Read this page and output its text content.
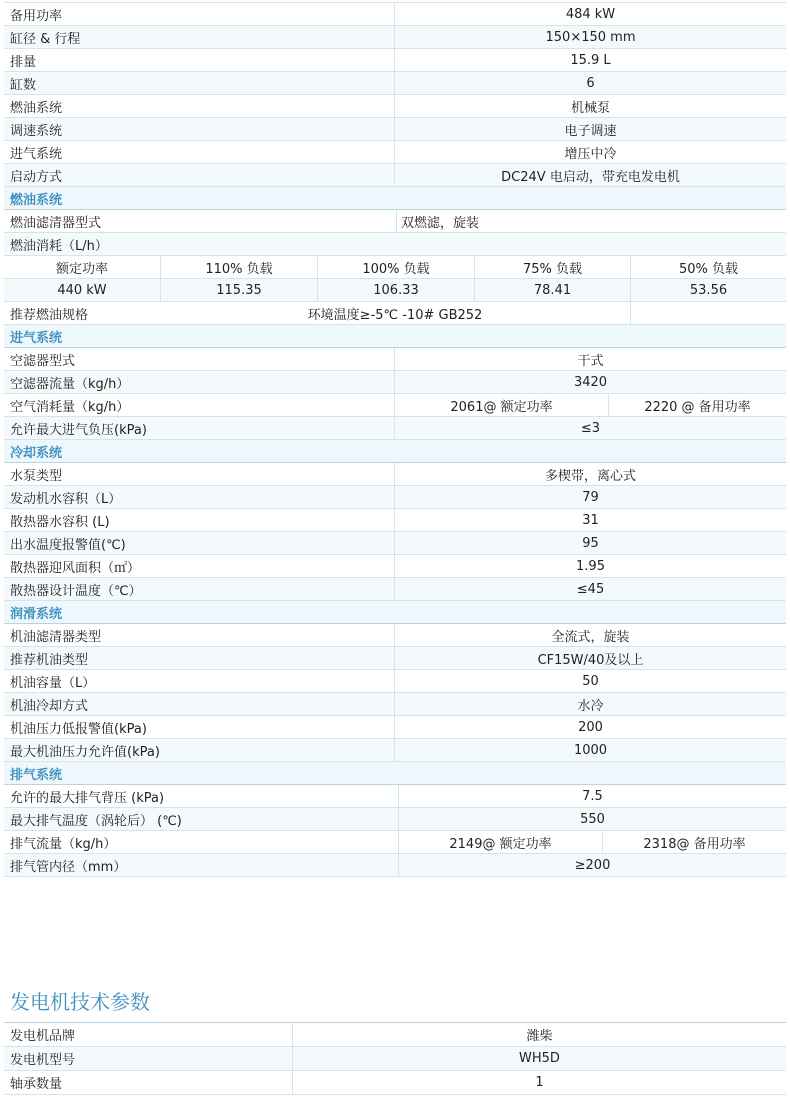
备用功率	484 kW
缸径 & 行程	150×150 mm
排量	15.9 L
缸数	6
燃油系统	机械泵
调速系统	电子调速
进气系统	增压中冷
启动方式	DC24V 电启动，带充电发电机
燃油系统
燃油滤清器型式	双燃滤，旋装
燃油消耗（L/h）
额定功率	110% 负载	100% 负载	75% 负载	50% 负载
440 kW	115.35	106.33	78.41	53.56
推荐燃油规格	环境温度≥-5℃ -10# GB252
进气系统
空滤器型式	干式
空滤器流量（kg/h）	3420
空气消耗量（kg/h）	2061@ 额定功率	2220 @ 备用功率
允许最大进气负压(kPa)	≤3
冷却系统
水泵类型	多楔带，离心式
发动机水容积（L）	79
散热器水容积 (L)	31
出水温度报警值(℃)	95
散热器迎风面积（㎡）	1.95
散热器设计温度（℃）	≤45
润滑系统
机油滤清器类型	全流式，旋装
推荐机油类型	CF15W/40及以上
机油容量（L）	50
机油冷却方式	水冷
机油压力低报警值(kPa)	200
最大机油压力允许值(kPa)	1000
排气系统
允许的最大排气背压 (kPa)	7.5
最大排气温度（涡轮后） (℃)	550
排气流量（kg/h）	2149@ 额定功率	2318@ 备用功率
排气管内径（mm）	≥200
发电机技术参数
发电机品牌	潍柴
发电机型号	WH5D
轴承数量	1
